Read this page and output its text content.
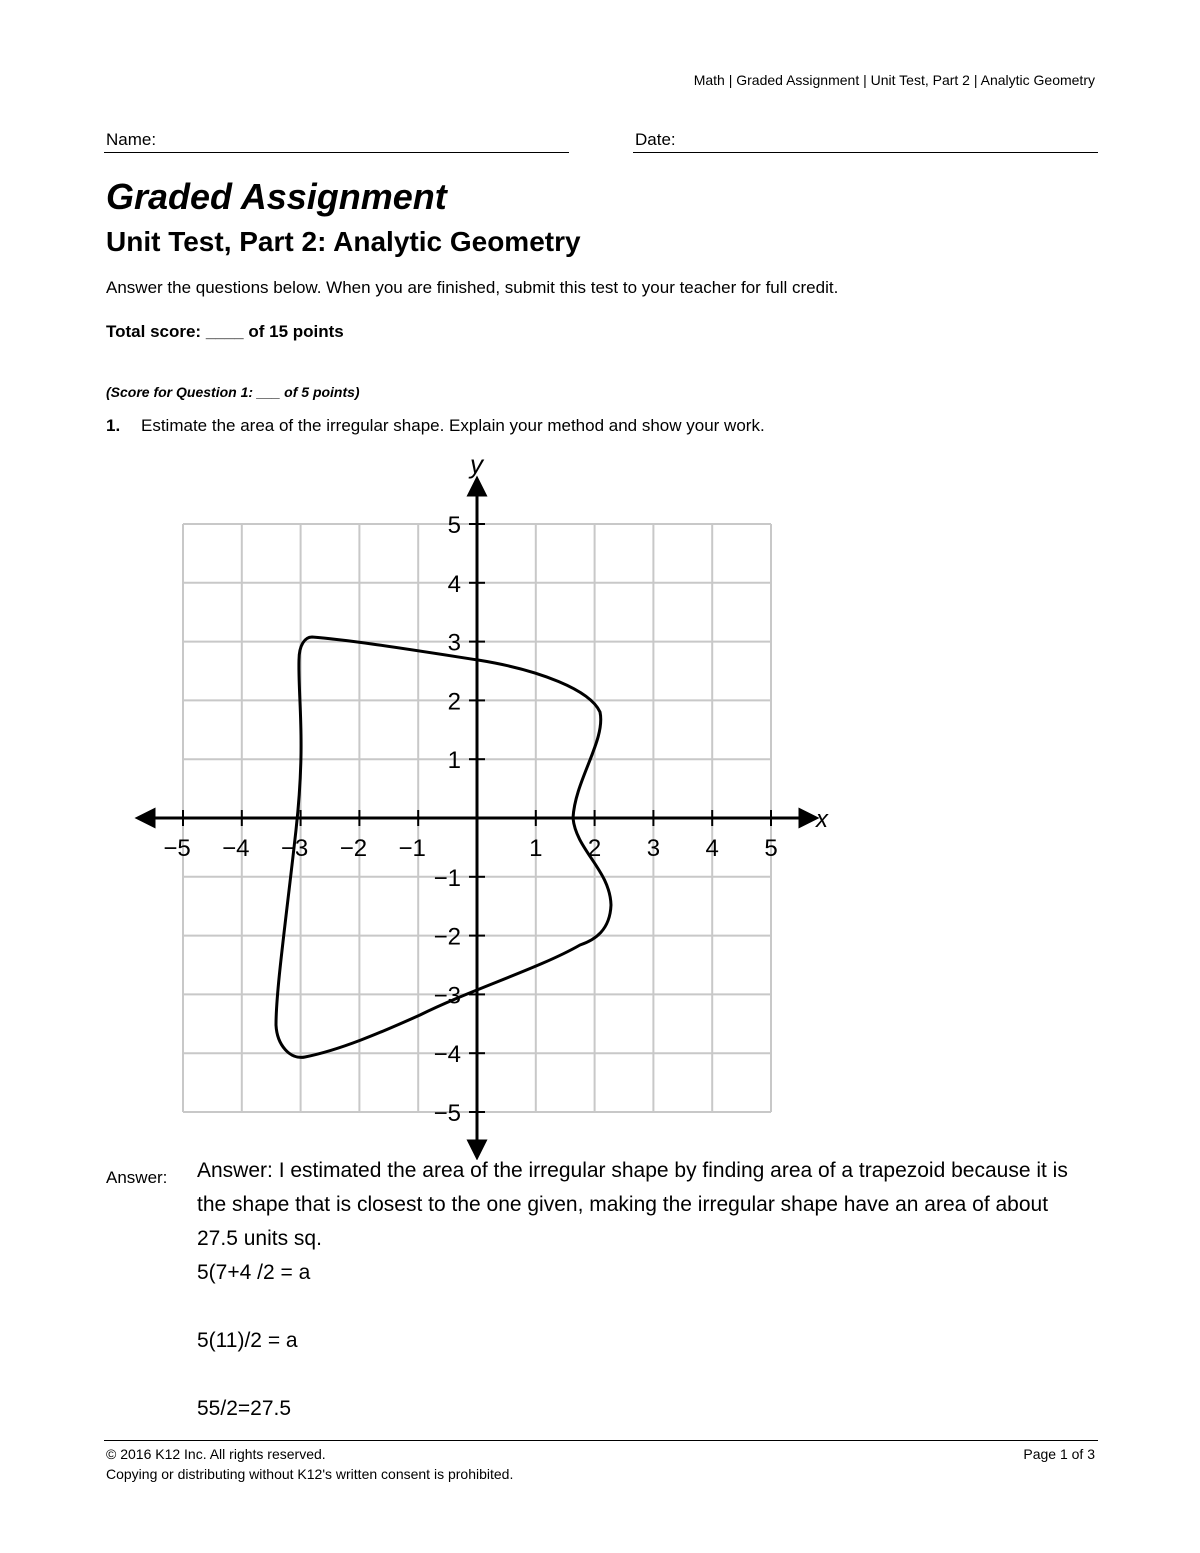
Math | Graded Assignment | Unit Test, Part 2 | Analytic Geometry
Name:	Date:
Graded Assignment
Unit Test, Part 2: Analytic Geometry
Answer the questions below. When you are finished, submit this test to your teacher for full credit.
Total score: ____ of 15 points
(Score for Question 1: ___ of 5 points)
1. Estimate the area of the irregular shape. Explain your method and show your work.
−5 −4 −3 −2 −1	1 2 3 4 5
5
4
3
2
1
−1
−2
−3
−4
−5
y
x
Answer: Answer: I estimated the area of the irregular shape by finding area of a trapezoid because it is
the shape that is closest to the one given, making the irregular shape have an area of about
27.5 units sq.
5(7+4 /2 = a
5(11)/2 = a
55/2=27.5
© 2016 K12 Inc. All rights reserved.	Page 1 of 3
Copying or distributing without K12's written consent is prohibited.
